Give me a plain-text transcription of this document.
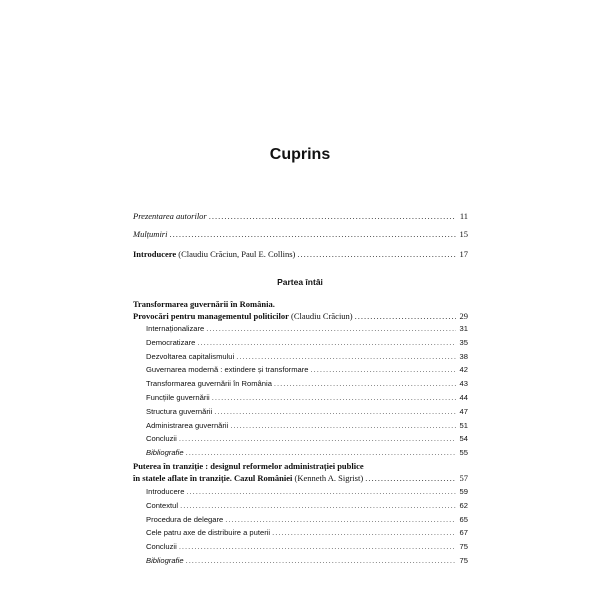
Cuprins
Prezentarea autorilor .....	11
Mulțumiri .....	15
Introducere (Claudiu Crăciun, Paul E. Collins) .....	17
Partea întâi
Transformarea guvernării în România.
Provocări pentru managementul politicilor (Claudiu Crăciun) .....	29
Internaționalizare .....	31
Democratizare .....	35
Dezvoltarea capitalismului .....	38
Guvernarea modernă : extindere și transformare .....	42
Transformarea guvernării în România .....	43
Funcțiile guvernării .....	44
Structura guvernării .....	47
Administrarea guvernării .....	51
Concluzii .....	54
Bibliografie .....	55
Puterea în tranziție : designul reformelor administrației publice
în statele aflate în tranziție. Cazul României (Kenneth A. Sigrist) .....	57
Introducere .....	59
Contextul .....	62
Procedura de delegare .....	65
Cele patru axe de distribuire a puterii .....	67
Concluzii .....	75
Bibliografie .....	75
